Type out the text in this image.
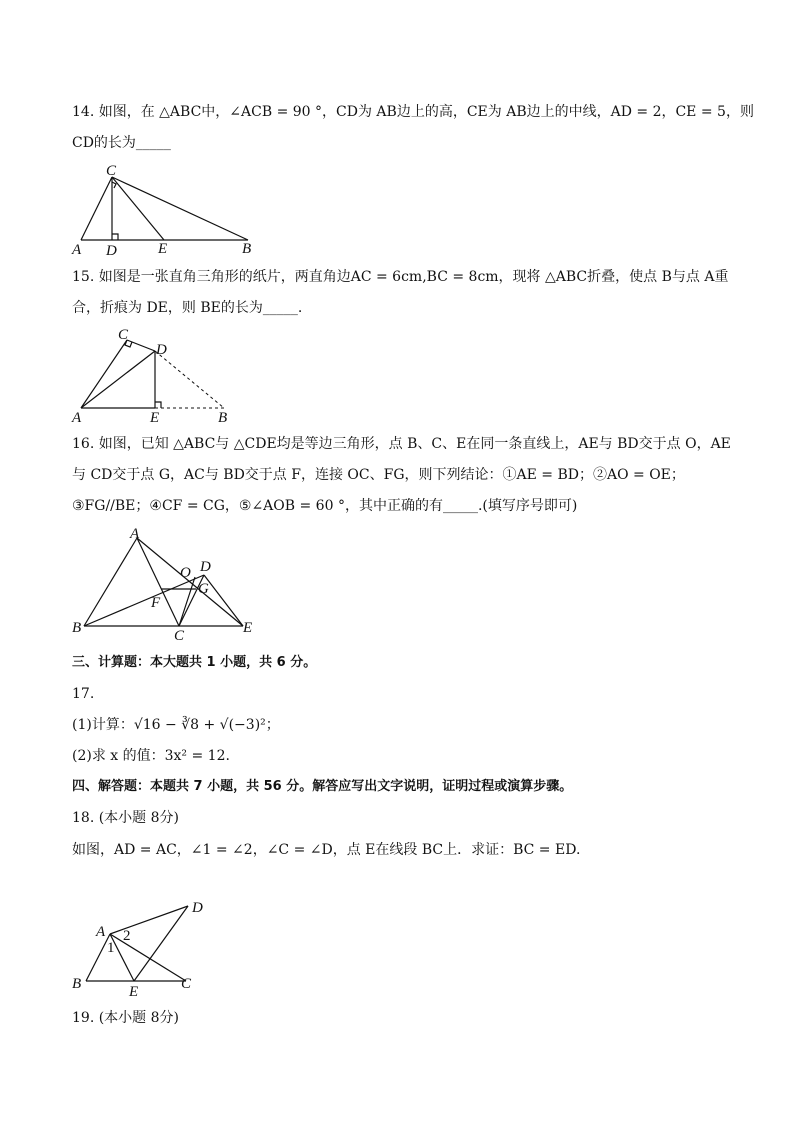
14. 如图，在 △ABC中，∠ACB = 90 °，CD为 AB边上的高，CE为 AB边上的中线，AD = 2，CE = 5，则
CD的长为_____
C
A D	E	B
15. 如图是一张直角三角形的纸片，两直角边AC = 6cm,BC = 8cm，现将 △ABC折叠，使点 B与点 A重
合，折痕为 DE，则 BE的长为_____.
C
D
A	E	B
16. 如图，已知 △ABC与 △CDE均是等边三角形，点 B、C、E在同一条直线上，AE与 BD交于点 O，AE
与 CD交于点 G，AC与 BD交于点 F，连接 OC、FG，则下列结论：①AE = BD；②AO = OE；
③FG//BE；④CF = CG，⑤∠AOB = 60 °，其中正确的有_____.(填写序号即可)
A
O D
G
F
B	C	E
三、计算题：本大题共 1 小题，共 6 分。
17.
(1)计算：√16 − ∛8 + √(−3)²；
(2)求 x 的值：3x² = 12.
四、解答题：本题共 7 小题，共 56 分。解答应写出文字说明，证明过程或演算步骤。
18. (本小题 8分)
如图，AD = AC，∠1 = ∠2，∠C = ∠D，点 E在线段 BC上．求证：BC = ED.
A
D
1
2
B	E	C
19. (本小题 8分)
